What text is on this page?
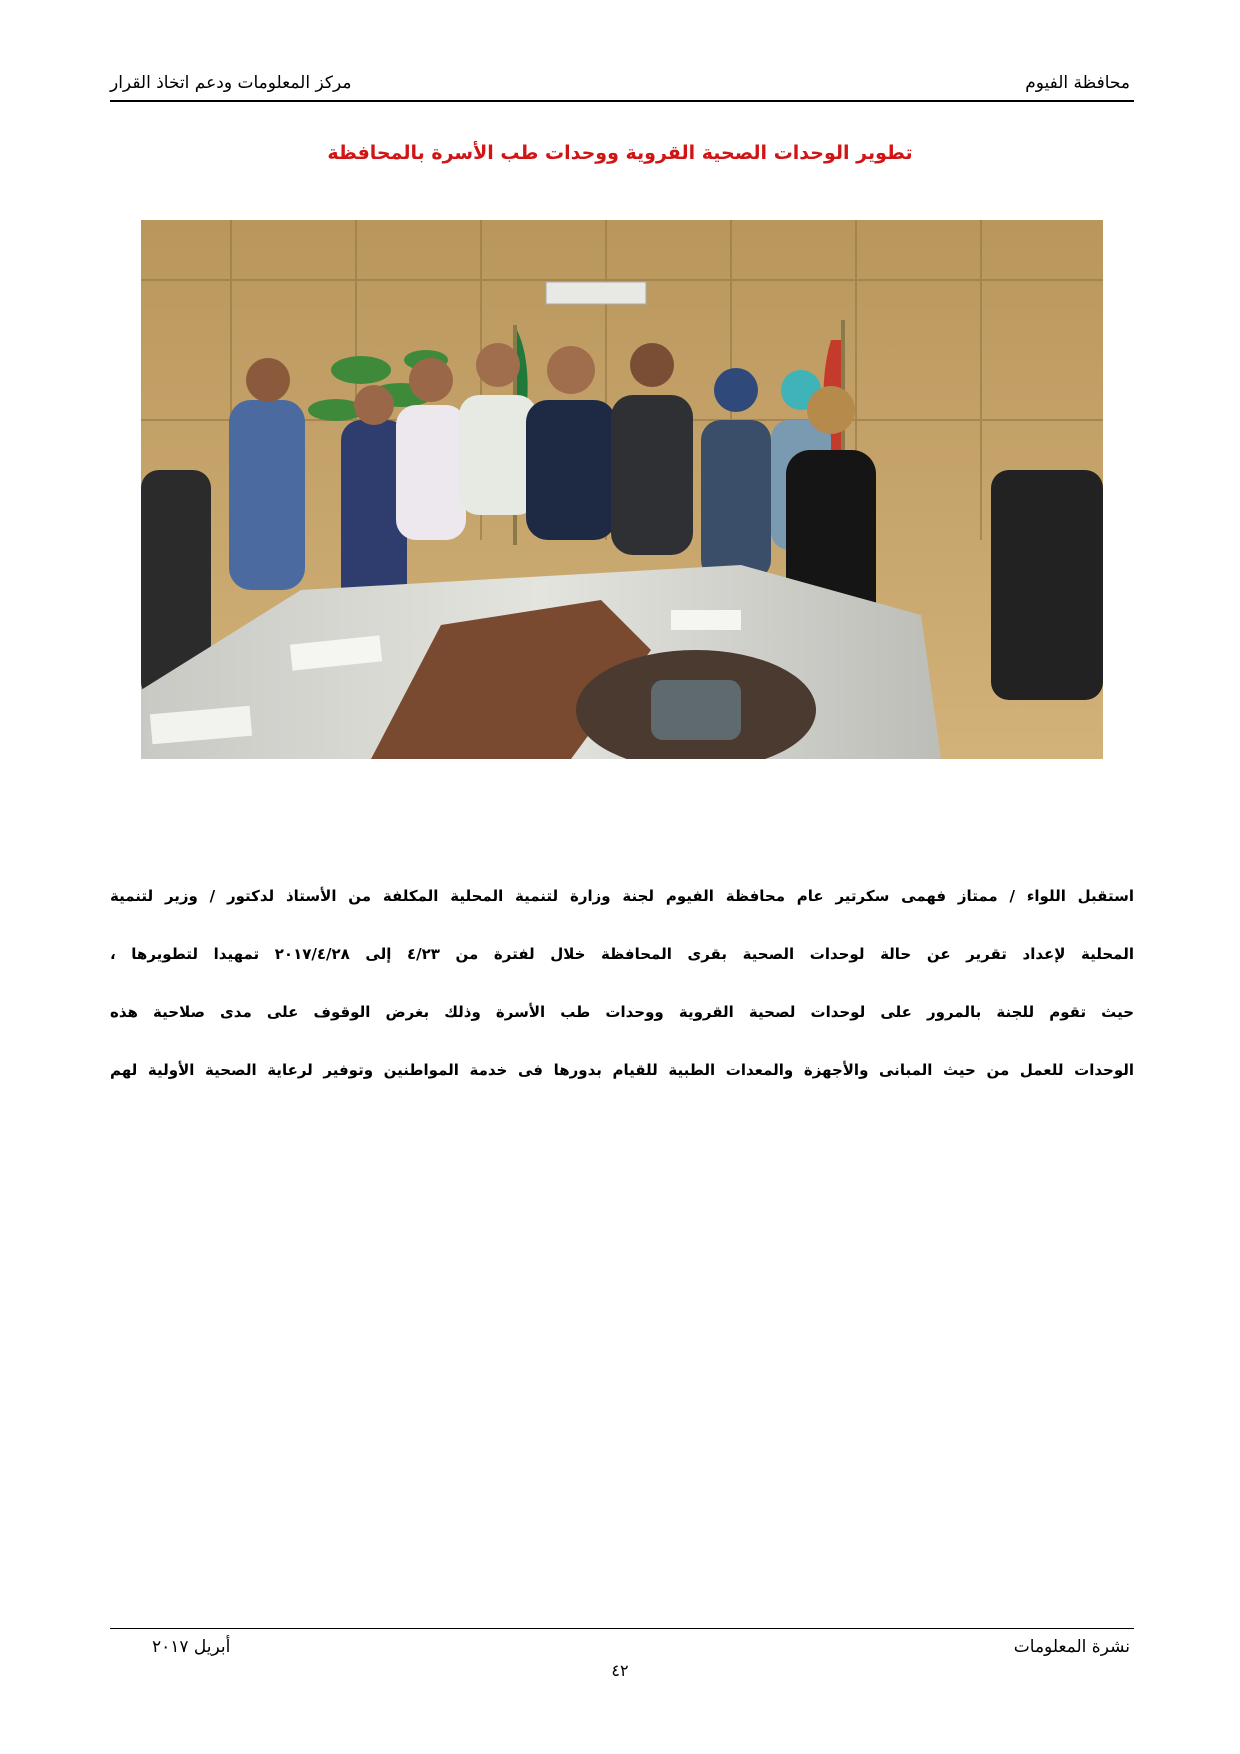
محافظة الفيوم
مركز المعلومات ودعم اتخاذ القرار
تطوير الوحدات الصحية القروية ووحدات طب الأسرة بالمحافظة
استقبل اللواء / ممتاز فهمى سكرتير عام محافظة الفيوم لجنة وزارة لتنمية المحلية المكلفة من الأستاذ لدكتور / وزير لتنمية
المحلية لإعداد تقرير عن حالة لوحدات الصحية بقرى المحافظة خلال لفترة من ٤/٢٣ إلى ٢٠١٧/٤/٢٨ تمهيدا لتطويرها ،
حيث تقوم للجنة بالمرور على لوحدات لصحية القروية ووحدات طب الأسرة وذلك بغرض الوقوف على مدى صلاحية هذه
الوحدات للعمل من حيث المبانى والأجهزة والمعدات الطبية للقيام بدورها فى خدمة المواطنين وتوفير لرعاية الصحية الأولية لهم
نشرة المعلومات
أبريل ٢٠١٧
٤٢
